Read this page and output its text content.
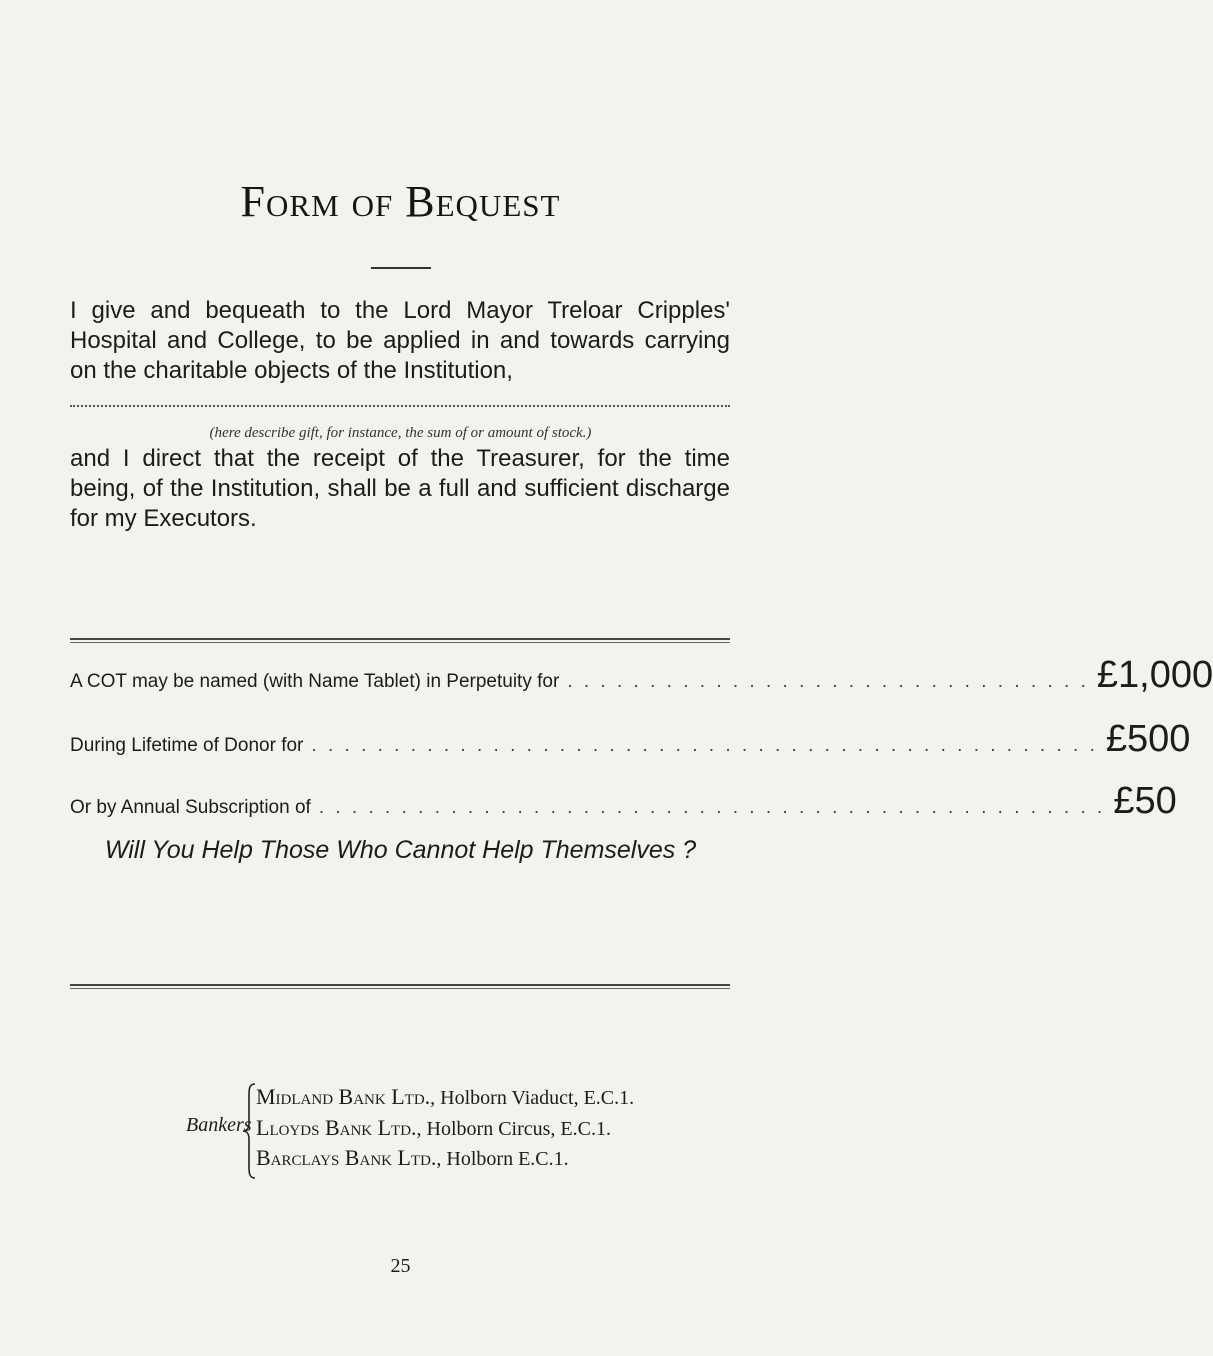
Form of Bequest
I give and bequeath to the Lord Mayor Treloar Cripples' Hospital and College, to be applied in and towards carrying on the charitable objects of the Institution,
(here describe gift, for instance, the sum of or amount of stock.)
and I direct that the receipt of the Treasurer, for the time being, of the Institution, shall be a full and sufficient discharge for my Executors.
A COT may be named (with Name Tablet) in Perpetuity for . . . . . . . . . . . . . . . . . . . . . . . . . . . . . . . . £1,000
During Lifetime of Donor for . . . . . . . . . . . . . . . . . . . . . . . . . . . . . . . . . . . . . . . . . . . . . . . . £500
Or by Annual Subscription of . . . . . . . . . . . . . . . . . . . . . . . . . . . . . . . . . . . . . . . . . . . . . . . . £50
Will You Help Those Who Cannot Help Themselves ?
Bankers
Midland Bank Ltd., Holborn Viaduct, E.C.1.
Lloyds Bank Ltd., Holborn Circus, E.C.1.
Barclays Bank Ltd., Holborn E.C.1.
25
